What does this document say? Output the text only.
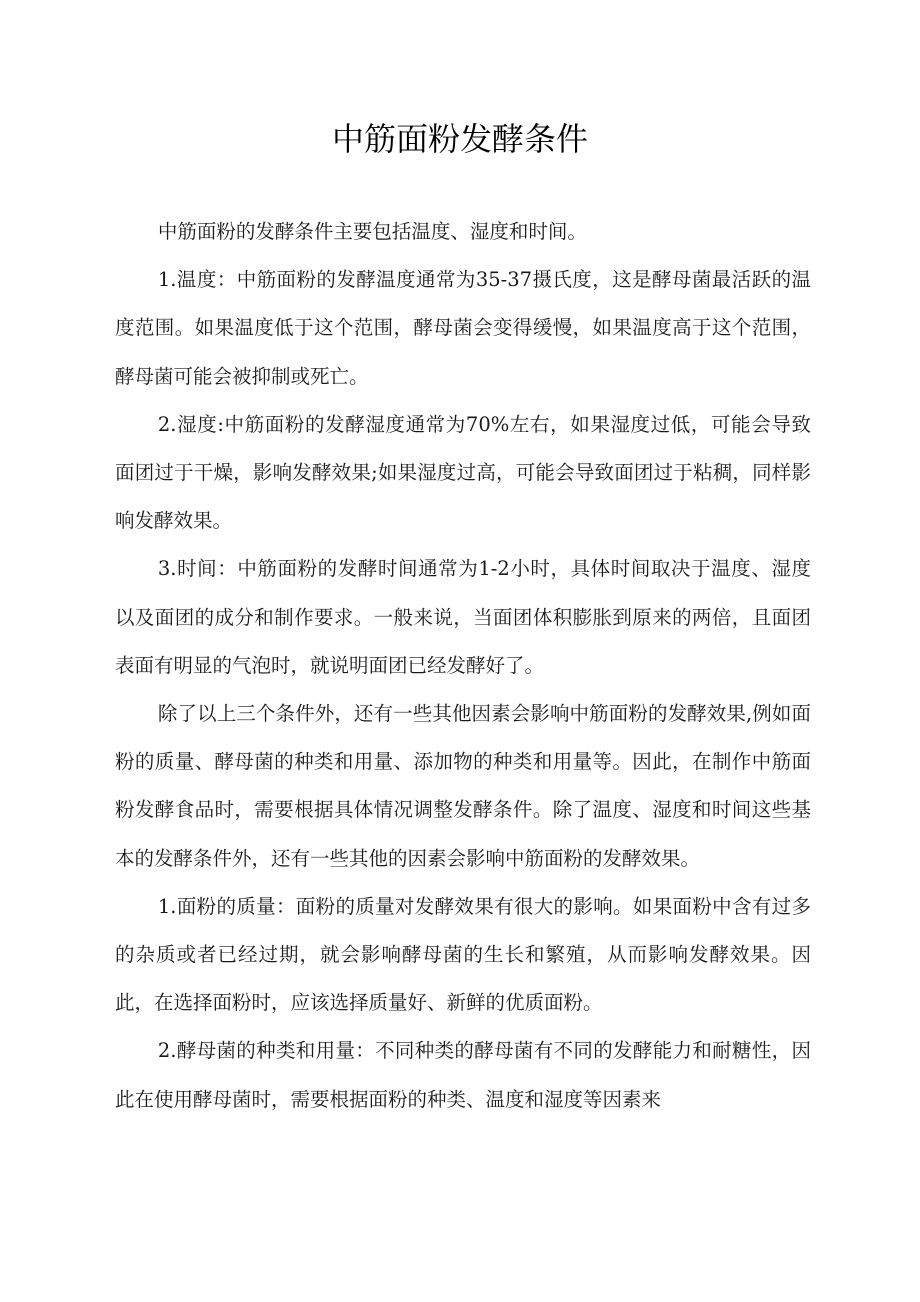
中筋面粉发酵条件

中筋面粉的发酵条件主要包括温度、湿度和时间。

1.温度：中筋面粉的发酵温度通常为35-37摄氏度，这是酵母菌最活跃的温度范围。如果温度低于这个范围，酵母菌会变得缓慢，如果温度高于这个范围，酵母菌可能会被抑制或死亡。

2.湿度:中筋面粉的发酵湿度通常为70%左右，如果湿度过低，可能会导致面团过于干燥，影响发酵效果;如果湿度过高，可能会导致面团过于粘稠，同样影响发酵效果。

3.时间：中筋面粉的发酵时间通常为1-2小时，具体时间取决于温度、湿度以及面团的成分和制作要求。一般来说，当面团体积膨胀到原来的两倍，且面团表面有明显的气泡时，就说明面团已经发酵好了。

除了以上三个条件外，还有一些其他因素会影响中筋面粉的发酵效果,例如面粉的质量、酵母菌的种类和用量、添加物的种类和用量等。因此，在制作中筋面粉发酵食品时，需要根据具体情况调整发酵条件。除了温度、湿度和时间这些基本的发酵条件外，还有一些其他的因素会影响中筋面粉的发酵效果。

1.面粉的质量：面粉的质量对发酵效果有很大的影响。如果面粉中含有过多的杂质或者已经过期，就会影响酵母菌的生长和繁殖，从而影响发酵效果。因此，在选择面粉时，应该选择质量好、新鲜的优质面粉。

2.酵母菌的种类和用量：不同种类的酵母菌有不同的发酵能力和耐糖性，因此在使用酵母菌时，需要根据面粉的种类、温度和湿度等因素来
